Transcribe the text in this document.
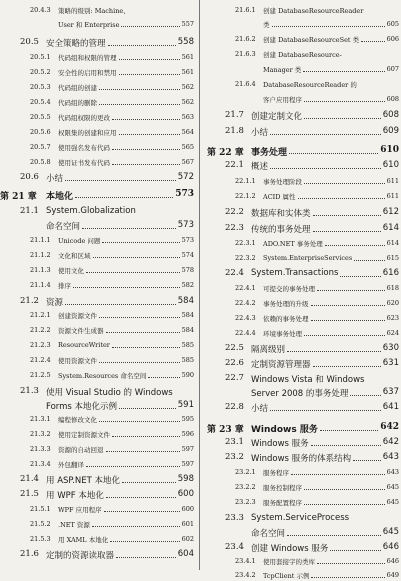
20.4.3 策略的级别: Machine、
User 和 Enterprise	557
20.5 安全策略的管理	558
20.5.1 代码组和权限的管理	561
20.5.2 安全性的启用和禁用	561
20.5.3 代码组的创建	562
20.5.4 代码组的删除	562
20.5.5 代码组权限的更改	563
20.5.6 权限集的创建和应用	564
20.5.7 使用强名发布代码	565
20.5.8 使用证书发布代码	567
20.6 小结	572
第 21 章 本地化	573
21.1 System.Globalization
命名空间	573
21.1.1 Unicode 问题	573
21.1.2 文化和区域	574
21.1.3 使用文化	578
21.1.4 排序	582
21.2 资源	584
21.2.1 创建资源文件	584
21.2.2 资源文件生成器	584
21.2.3 ResourceWriter	585
21.2.4 使用资源文件	585
21.2.5 System.Resources 命名空间	590
21.3 使用 Visual Studio 的 Windows
Forms 本地化示例	591
21.3.1 编程修改文化	595
21.3.2 使用定制资源文件	596
21.3.3 资源的自动回退	597
21.3.4 外包翻译	597
21.4 用 ASP.NET 本地化	598
21.5 用 WPF 本地化	600
21.5.1 WPF 应用程序	600
21.5.2 .NET 资源	601
21.5.3 用 XAML 本地化	602
21.6 定制的资源读取器	604
21.6.1 创建 DatabaseResourceReader
类	605
21.6.2 创建 DatabaseResourceSet 类	606
21.6.3 创建 DatabaseResource-
Manager 类	607
21.6.4 DatabaseResourceReader 的
客户应用程序	608
21.7 创建定制文化	608
21.8 小结	609
第 22 章 事务处理	610
22.1 概述	610
22.1.1 事务处理阶段	611
22.1.2 ACID 属性	611
22.2 数据库和实体类	612
22.3 传统的事务处理	614
22.3.1 ADO.NET 事务处理	614
22.3.2 System.EnterpriseServices	615
22.4 System.Transactions	616
22.4.1 可提交的事务处理	618
22.4.2 事务处理的升级	620
22.4.3 依赖的事务处理	623
22.4.4 环境事务处理	624
22.5 隔离级别	630
22.6 定制资源管理器	631
22.7 Windows Vista 和 Windows
Server 2008 的事务处理	637
22.8 小结	641
第 23 章 Windows 服务	642
23.1 Windows 服务	642
23.2 Windows 服务的体系结构	643
23.2.1 服务程序	643
23.2.2 服务控制程序	645
23.2.3 服务配置程序	645
23.3 System.ServiceProcess
命名空间	645
23.4 创建 Windows 服务	646
23.4.1 使用套接字的类库	646
23.4.2 TcpClient 示例	649
